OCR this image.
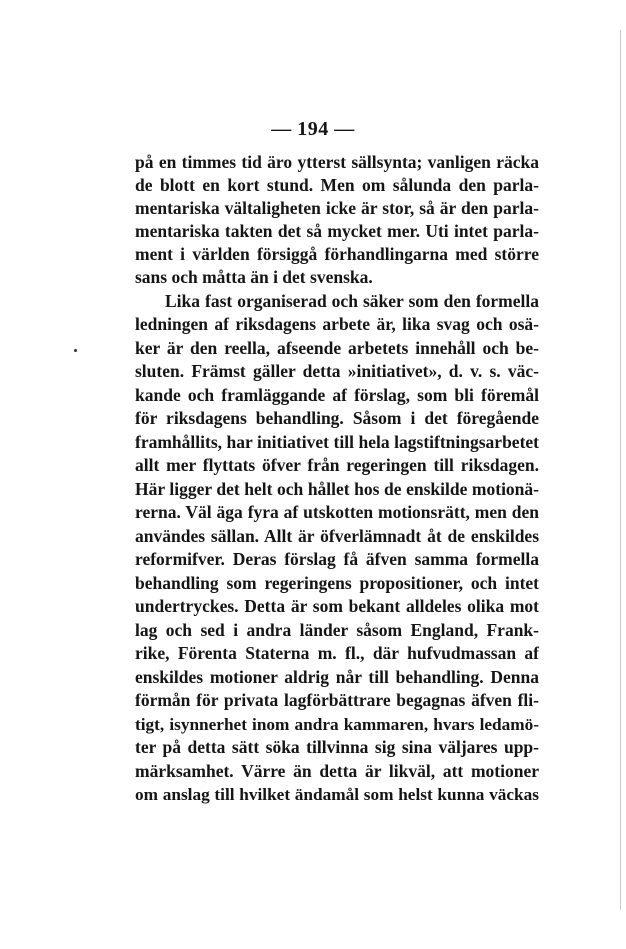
— 194 —
på en timmes tid äro ytterst sällsynta; vanligen räcka
de blott en kort stund. Men om sålunda den parla-
mentariska vältaligheten icke är stor, så är den parla-
mentariska takten det så mycket mer. Uti intet parla-
ment i världen försiggå förhandlingarna med större
sans och måtta än i det svenska.
Lika fast organiserad och säker som den formella
ledningen af riksdagens arbete är, lika svag och osä-
ker är den reella, afseende arbetets innehåll och be-
sluten. Främst gäller detta »initiativet», d. v. s. väc-
kande och framläggande af förslag, som bli föremål
för riksdagens behandling. Såsom i det föregående
framhållits, har initiativet till hela lagstiftningsarbetet
allt mer flyttats öfver från regeringen till riksdagen.
Här ligger det helt och hållet hos de enskilde motionä-
rerna. Väl äga fyra af utskotten motionsrätt, men den
användes sällan. Allt är öfverlämnadt åt de enskildes
reformifver. Deras förslag få äfven samma formella
behandling som regeringens propositioner, och intet
undertryckes. Detta är som bekant alldeles olika mot
lag och sed i andra länder såsom England, Frank-
rike, Förenta Staterna m. fl., där hufvudmassan af
enskildes motioner aldrig når till behandling. Denna
förmån för privata lagförbättrare begagnas äfven fli-
tigt, isynnerhet inom andra kammaren, hvars ledamö-
ter på detta sätt söka tillvinna sig sina väljares upp-
märksamhet. Värre än detta är likväl, att motioner
om anslag till hvilket ändamål som helst kunna väckas
